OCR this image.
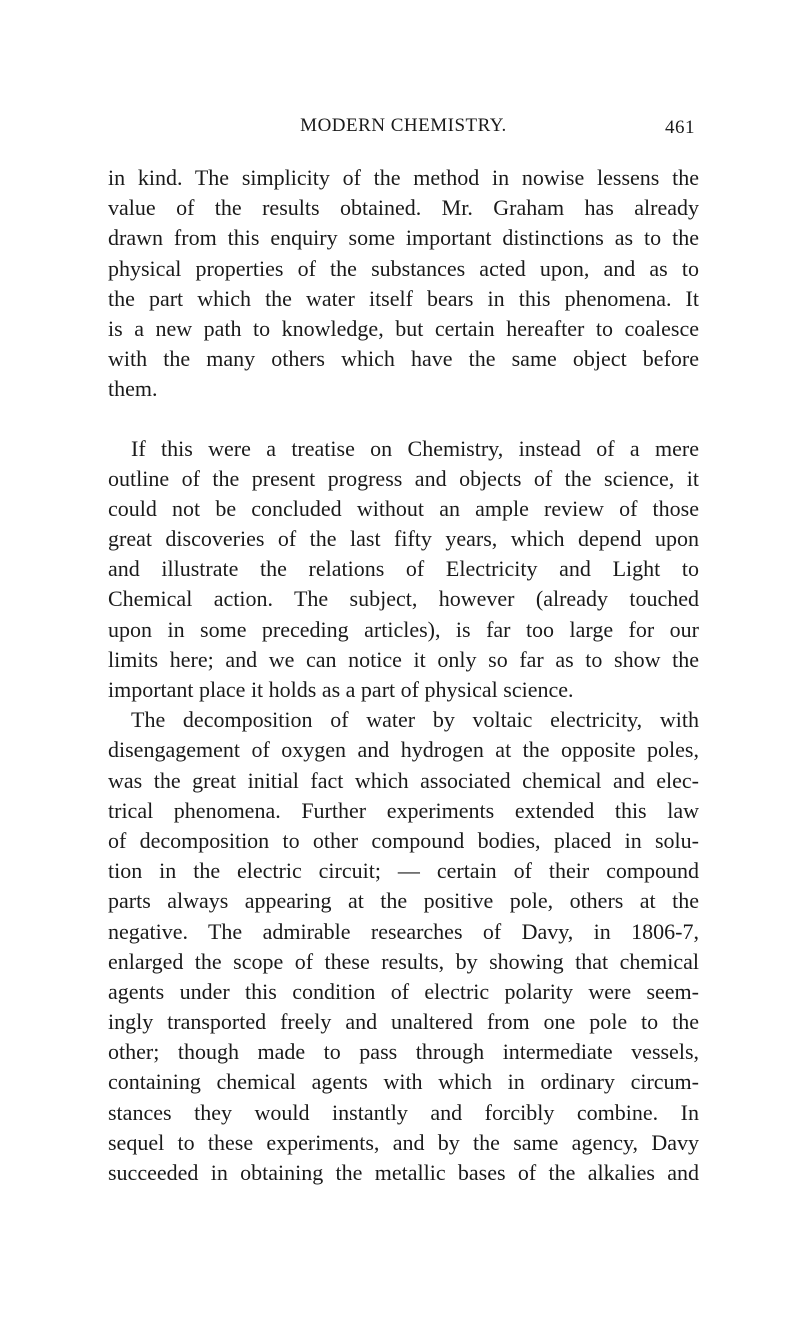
MODERN CHEMISTRY.	461
in kind. The simplicity of the method in nowise lessens the
value of the results obtained. Mr. Graham has already
drawn from this enquiry some important distinctions as to the
physical properties of the substances acted upon, and as to
the part which the water itself bears in this phenomena. It
is a new path to knowledge, but certain hereafter to coalesce
with the many others which have the same object before
them.
If this were a treatise on Chemistry, instead of a mere
outline of the present progress and objects of the science, it
could not be concluded without an ample review of those
great discoveries of the last fifty years, which depend upon
and illustrate the relations of Electricity and Light to
Chemical action. The subject, however (already touched
upon in some preceding articles), is far too large for our
limits here; and we can notice it only so far as to show the
important place it holds as a part of physical science.
The decomposition of water by voltaic electricity, with
disengagement of oxygen and hydrogen at the opposite poles,
was the great initial fact which associated chemical and elec-
trical phenomena. Further experiments extended this law
of decomposition to other compound bodies, placed in solu-
tion in the electric circuit; — certain of their compound
parts always appearing at the positive pole, others at the
negative. The admirable researches of Davy, in 1806-7,
enlarged the scope of these results, by showing that chemical
agents under this condition of electric polarity were seem-
ingly transported freely and unaltered from one pole to the
other; though made to pass through intermediate vessels,
containing chemical agents with which in ordinary circum-
stances they would instantly and forcibly combine. In
sequel to these experiments, and by the same agency, Davy
succeeded in obtaining the metallic bases of the alkalies and
